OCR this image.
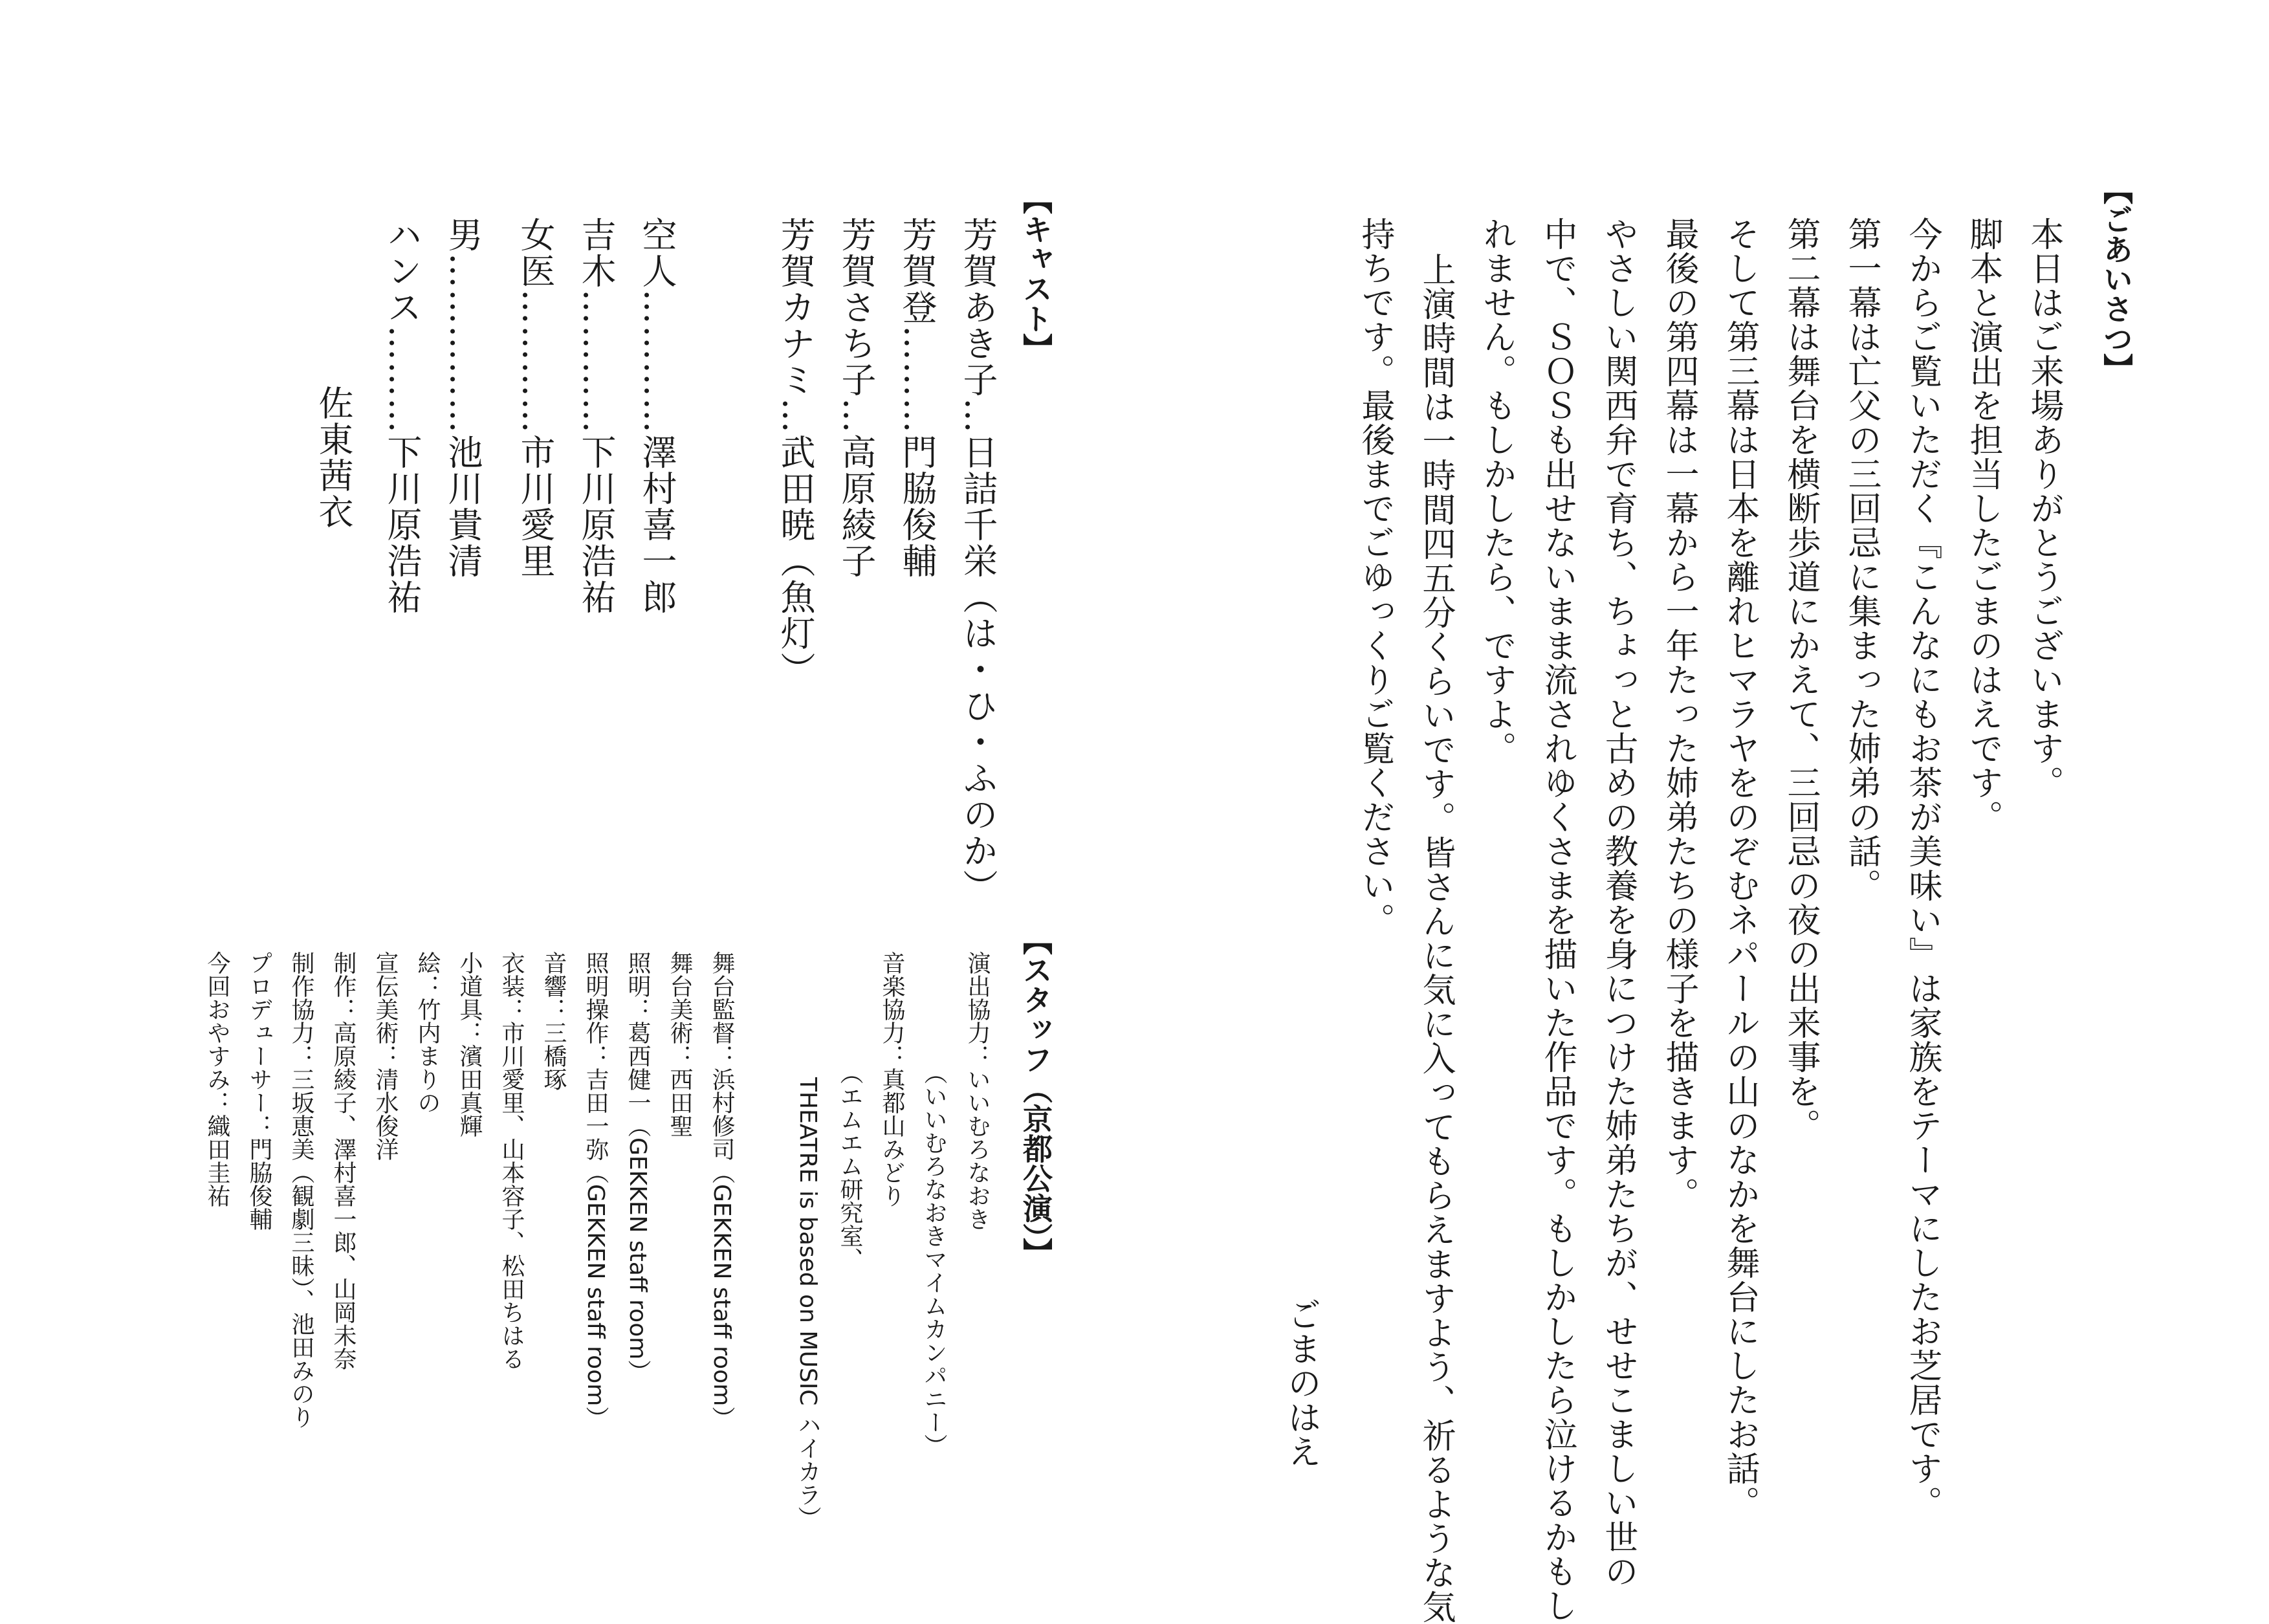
【ごあいさつ】
本日はご来場ありがとうございます。
脚本と演出を担当したごまのはえです。
今からご覧いただく『こんなにもお茶が美味い』は家族をテーマにしたお芝居です。
第一幕は亡父の三回忌に集まった姉弟の話。
第二幕は舞台を横断歩道にかえて、三回忌の夜の出来事を。
そして第三幕は日本を離れヒマラヤをのぞむネパールの山のなかを舞台にしたお話。
最後の第四幕は一幕から一年たった姉弟たちの様子を描きます。
やさしい関西弁で育ち、ちょっと古めの教養を身につけた姉弟たちが、せせこましい世の
中で、ＳＯＳも出せないまま流されゆくさまを描いた作品です。もしかしたら泣けるかもし
れません。もしかしたら、ですよ。
上演時間は一時間四五分くらいです。皆さんに気に入ってもらえますよう、祈るような気
持ちです。最後までごゆっくりご覧ください。
ごまのはえ
【キャスト】
芳賀あき子…日詰千栄（は・ひ・ふのか）
芳賀登………門脇俊輔
芳賀さち子…高原綾子
芳賀カナミ…武田暁（魚灯）
空人…………澤村喜一郎
吉木…………下川原浩祐
女医…………市川愛里
男……………池川貴清
ハンス………下川原浩祐
佐東茜衣
【スタッフ（京都公演）】
演出協力：いいむろなおき
（いいむろなおきマイムカンパニー）
音楽協力：真都山みどり
（エムエム研究室、
THEATRE is based on MUSIC ハイカラ）
舞台監督：浜村修司（GEKKEN staff room）
舞台美術：西田聖
照明：葛西健一（GEKKEN staff room）
照明操作：吉田一弥（GEKKEN staff room）
音響：三橋琢
衣装：市川愛里、山本容子、松田ちはる
小道具：濱田真輝
絵：竹内まりの
宣伝美術：清水俊洋
制作：高原綾子、澤村喜一郎、山岡未奈
制作協力：三坂恵美（観劇三昧）、池田みのり
プロデューサー：門脇俊輔
今回おやすみ：織田圭祐
